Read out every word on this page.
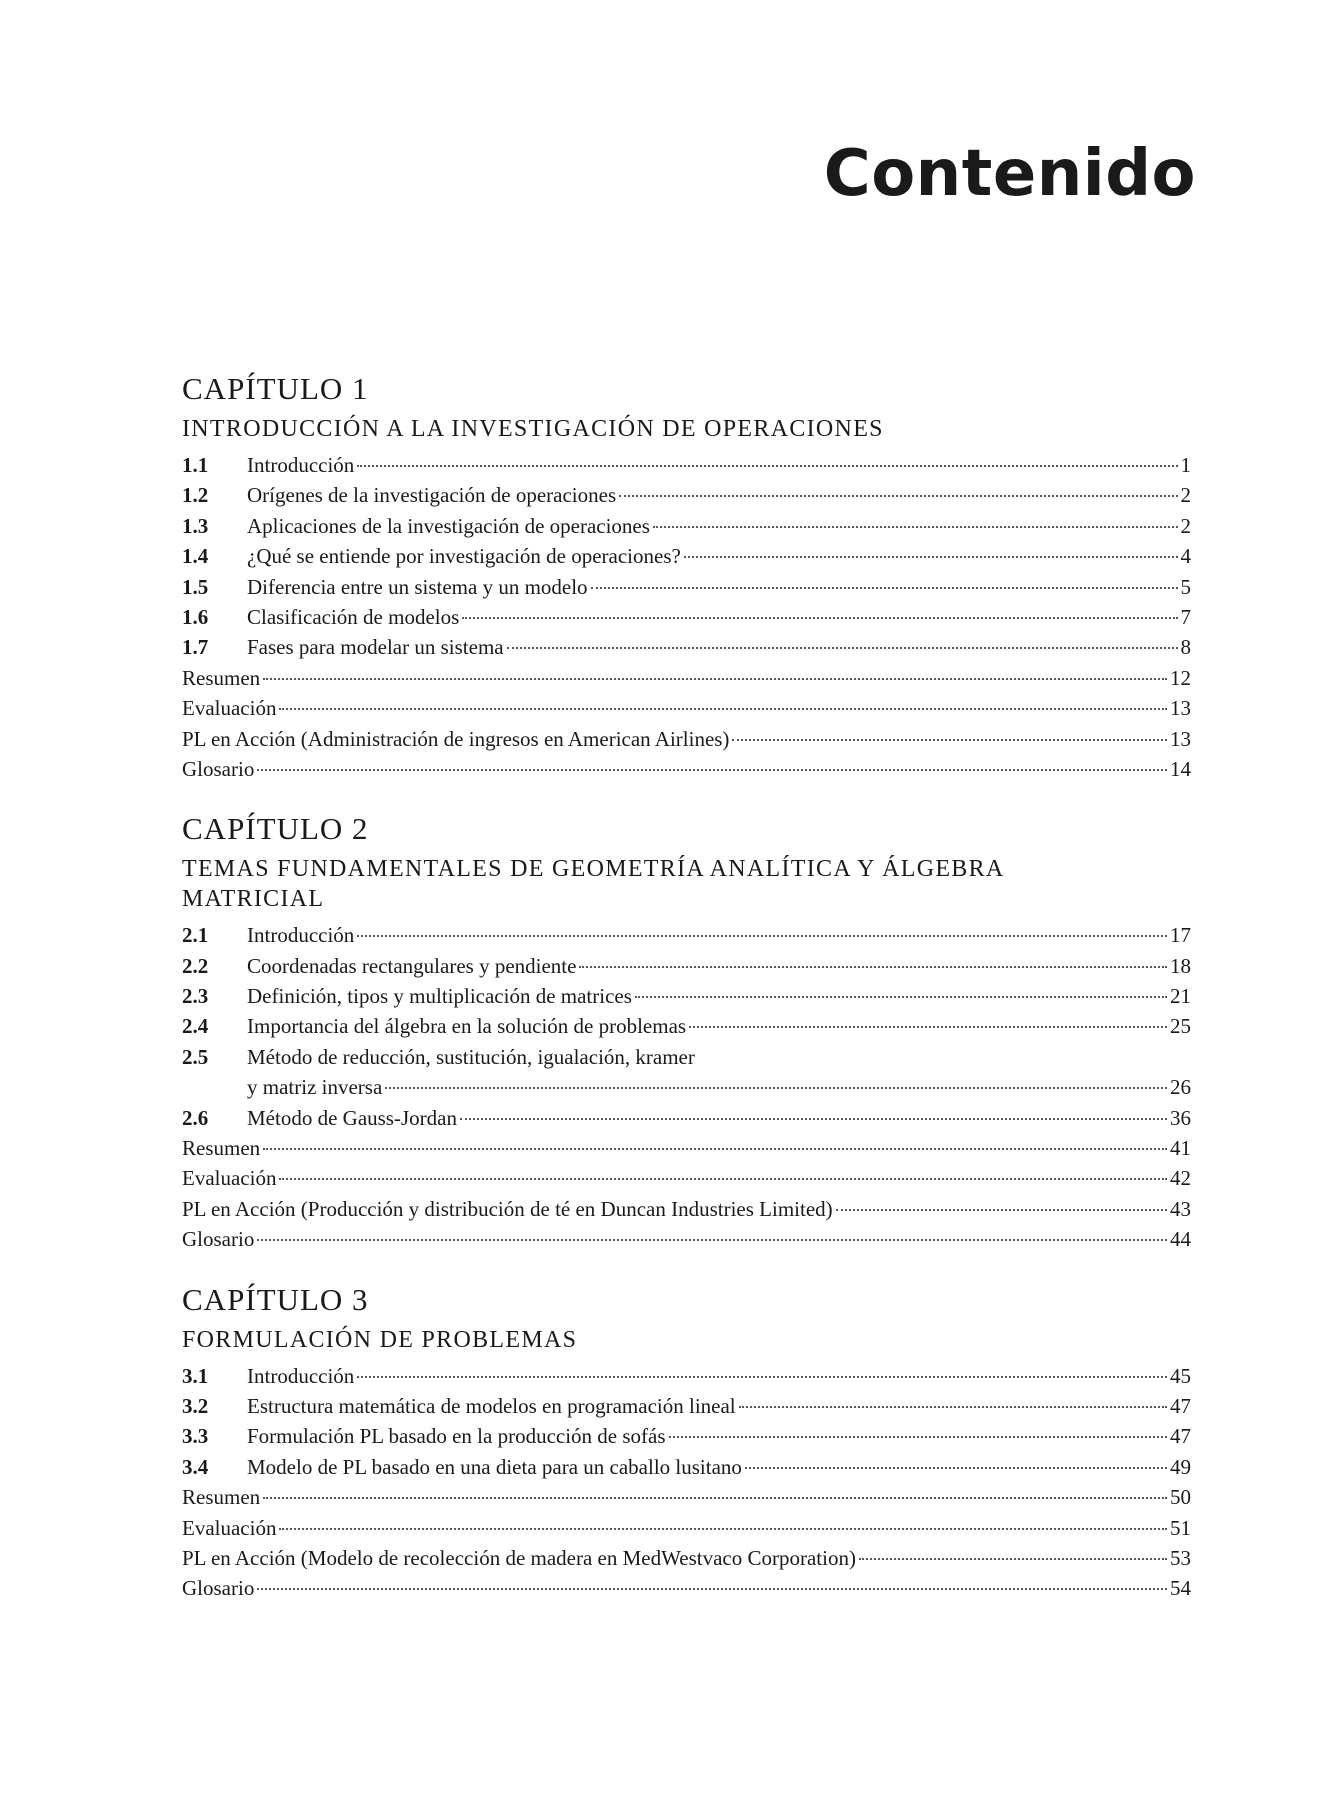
Contenido
CAPÍTULO 1
INTRODUCCIÓN A LA INVESTIGACIÓN DE OPERACIONES
1.1	Introducción	1
1.2	Orígenes de la investigación de operaciones	2
1.3	Aplicaciones de la investigación de operaciones	2
1.4	¿Qué se entiende por investigación de operaciones?	4
1.5	Diferencia entre un sistema y un modelo	5
1.6	Clasificación de modelos	7
1.7	Fases para modelar un sistema	8
Resumen	12
Evaluación	13
PL en Acción (Administración de ingresos en American Airlines)	13
Glosario	14
CAPÍTULO 2
TEMAS FUNDAMENTALES DE GEOMETRÍA ANALÍTICA Y ÁLGEBRA MATRICIAL
2.1	Introducción	17
2.2	Coordenadas rectangulares y pendiente	18
2.3	Definición, tipos y multiplicación de matrices	21
2.4	Importancia del álgebra en la solución de problemas	25
2.5	Método de reducción, sustitución, igualación, kramer
y matriz inversa	26
2.6	Método de Gauss-Jordan	36
Resumen	41
Evaluación	42
PL en Acción (Producción y distribución de té en Duncan Industries Limited)	43
Glosario	44
CAPÍTULO 3
FORMULACIÓN DE PROBLEMAS
3.1	Introducción	45
3.2	Estructura matemática de modelos en programación lineal	47
3.3	Formulación PL basado en la producción de sofás	47
3.4	Modelo de PL basado en una dieta para un caballo lusitano	49
Resumen	50
Evaluación	51
PL en Acción (Modelo de recolección de madera en MedWestvaco Corporation)	53
Glosario	54
